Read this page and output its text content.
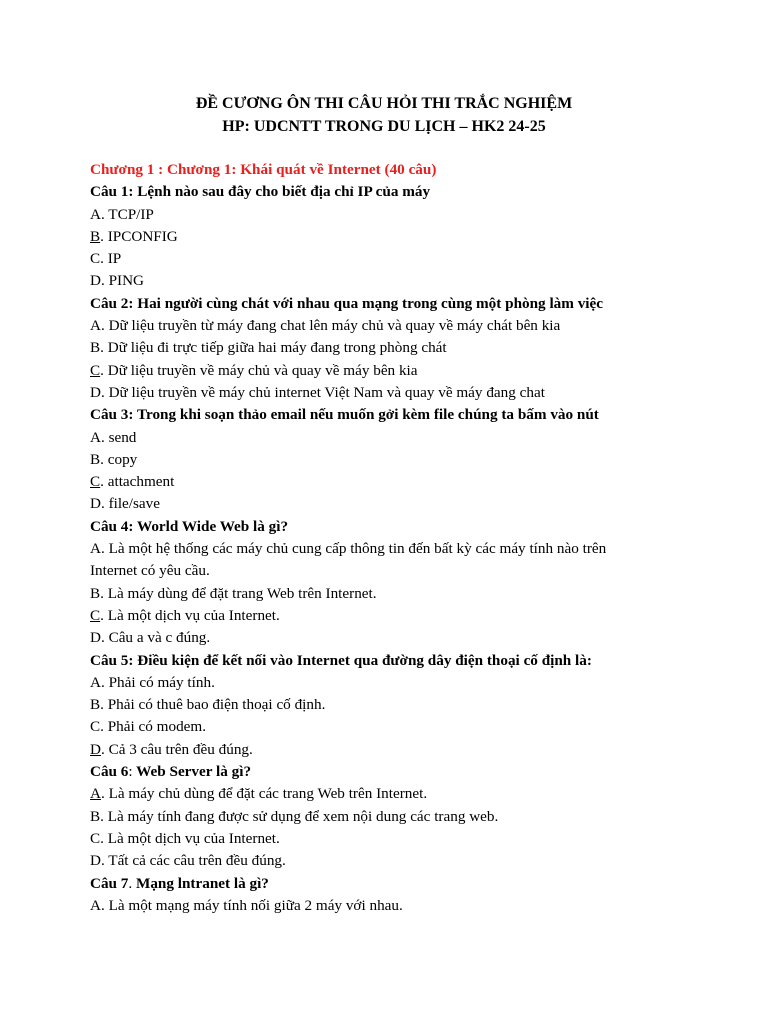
ĐỀ CƯƠNG ÔN THI CÂU HỎI THI TRẮC NGHIỆM
HP: UDCNTT TRONG DU LỊCH – HK2 24-25
Chương 1 : Chương 1: Khái quát về Internet (40 câu)
Câu 1: Lệnh nào sau đây cho biết địa chỉ IP của máy
A. TCP/IP
B. IPCONFIG
C. IP
D. PING
Câu 2: Hai người cùng chát với nhau qua mạng trong cùng một phòng làm việc
A. Dữ liệu truyền từ máy đang chat lên máy chủ và quay về máy chát bên kia
B. Dữ liệu đi trực tiếp giữa hai máy đang trong phòng chát
C. Dữ liệu truyền về máy chủ và quay về máy bên kia
D. Dữ liệu truyền về máy chủ internet Việt Nam và quay về máy đang chat
Câu 3: Trong khi soạn thảo email nếu muốn gởi kèm file chúng ta bấm vào nút
A. send
B. copy
C. attachment
D. file/save
Câu 4: World Wide Web là gì?
A. Là một hệ thống các máy chủ cung cấp thông tin đến bất kỳ các máy tính nào trên
Internet có yêu cầu.
B. Là máy dùng để đặt trang Web trên Internet.
C. Là một dịch vụ của Internet.
D. Câu a và c đúng.
Câu 5: Điều kiện để kết nối vào Internet qua đường dây điện thoại cố định là:
A. Phải có máy tính.
B. Phải có thuê bao điện thoại cố định.
C. Phải có modem.
D. Cả 3 câu trên đều đúng.
Câu 6: Web Server là gì?
A. Là máy chủ dùng để đặt các trang Web trên Internet.
B. Là máy tính đang được sử dụng để xem nội dung các trang web.
C. Là một dịch vụ của Internet.
D. Tất cả các câu trên đều đúng.
Câu 7. Mạng lntranet là gì?
A. Là một mạng máy tính nối giữa 2 máy với nhau.
